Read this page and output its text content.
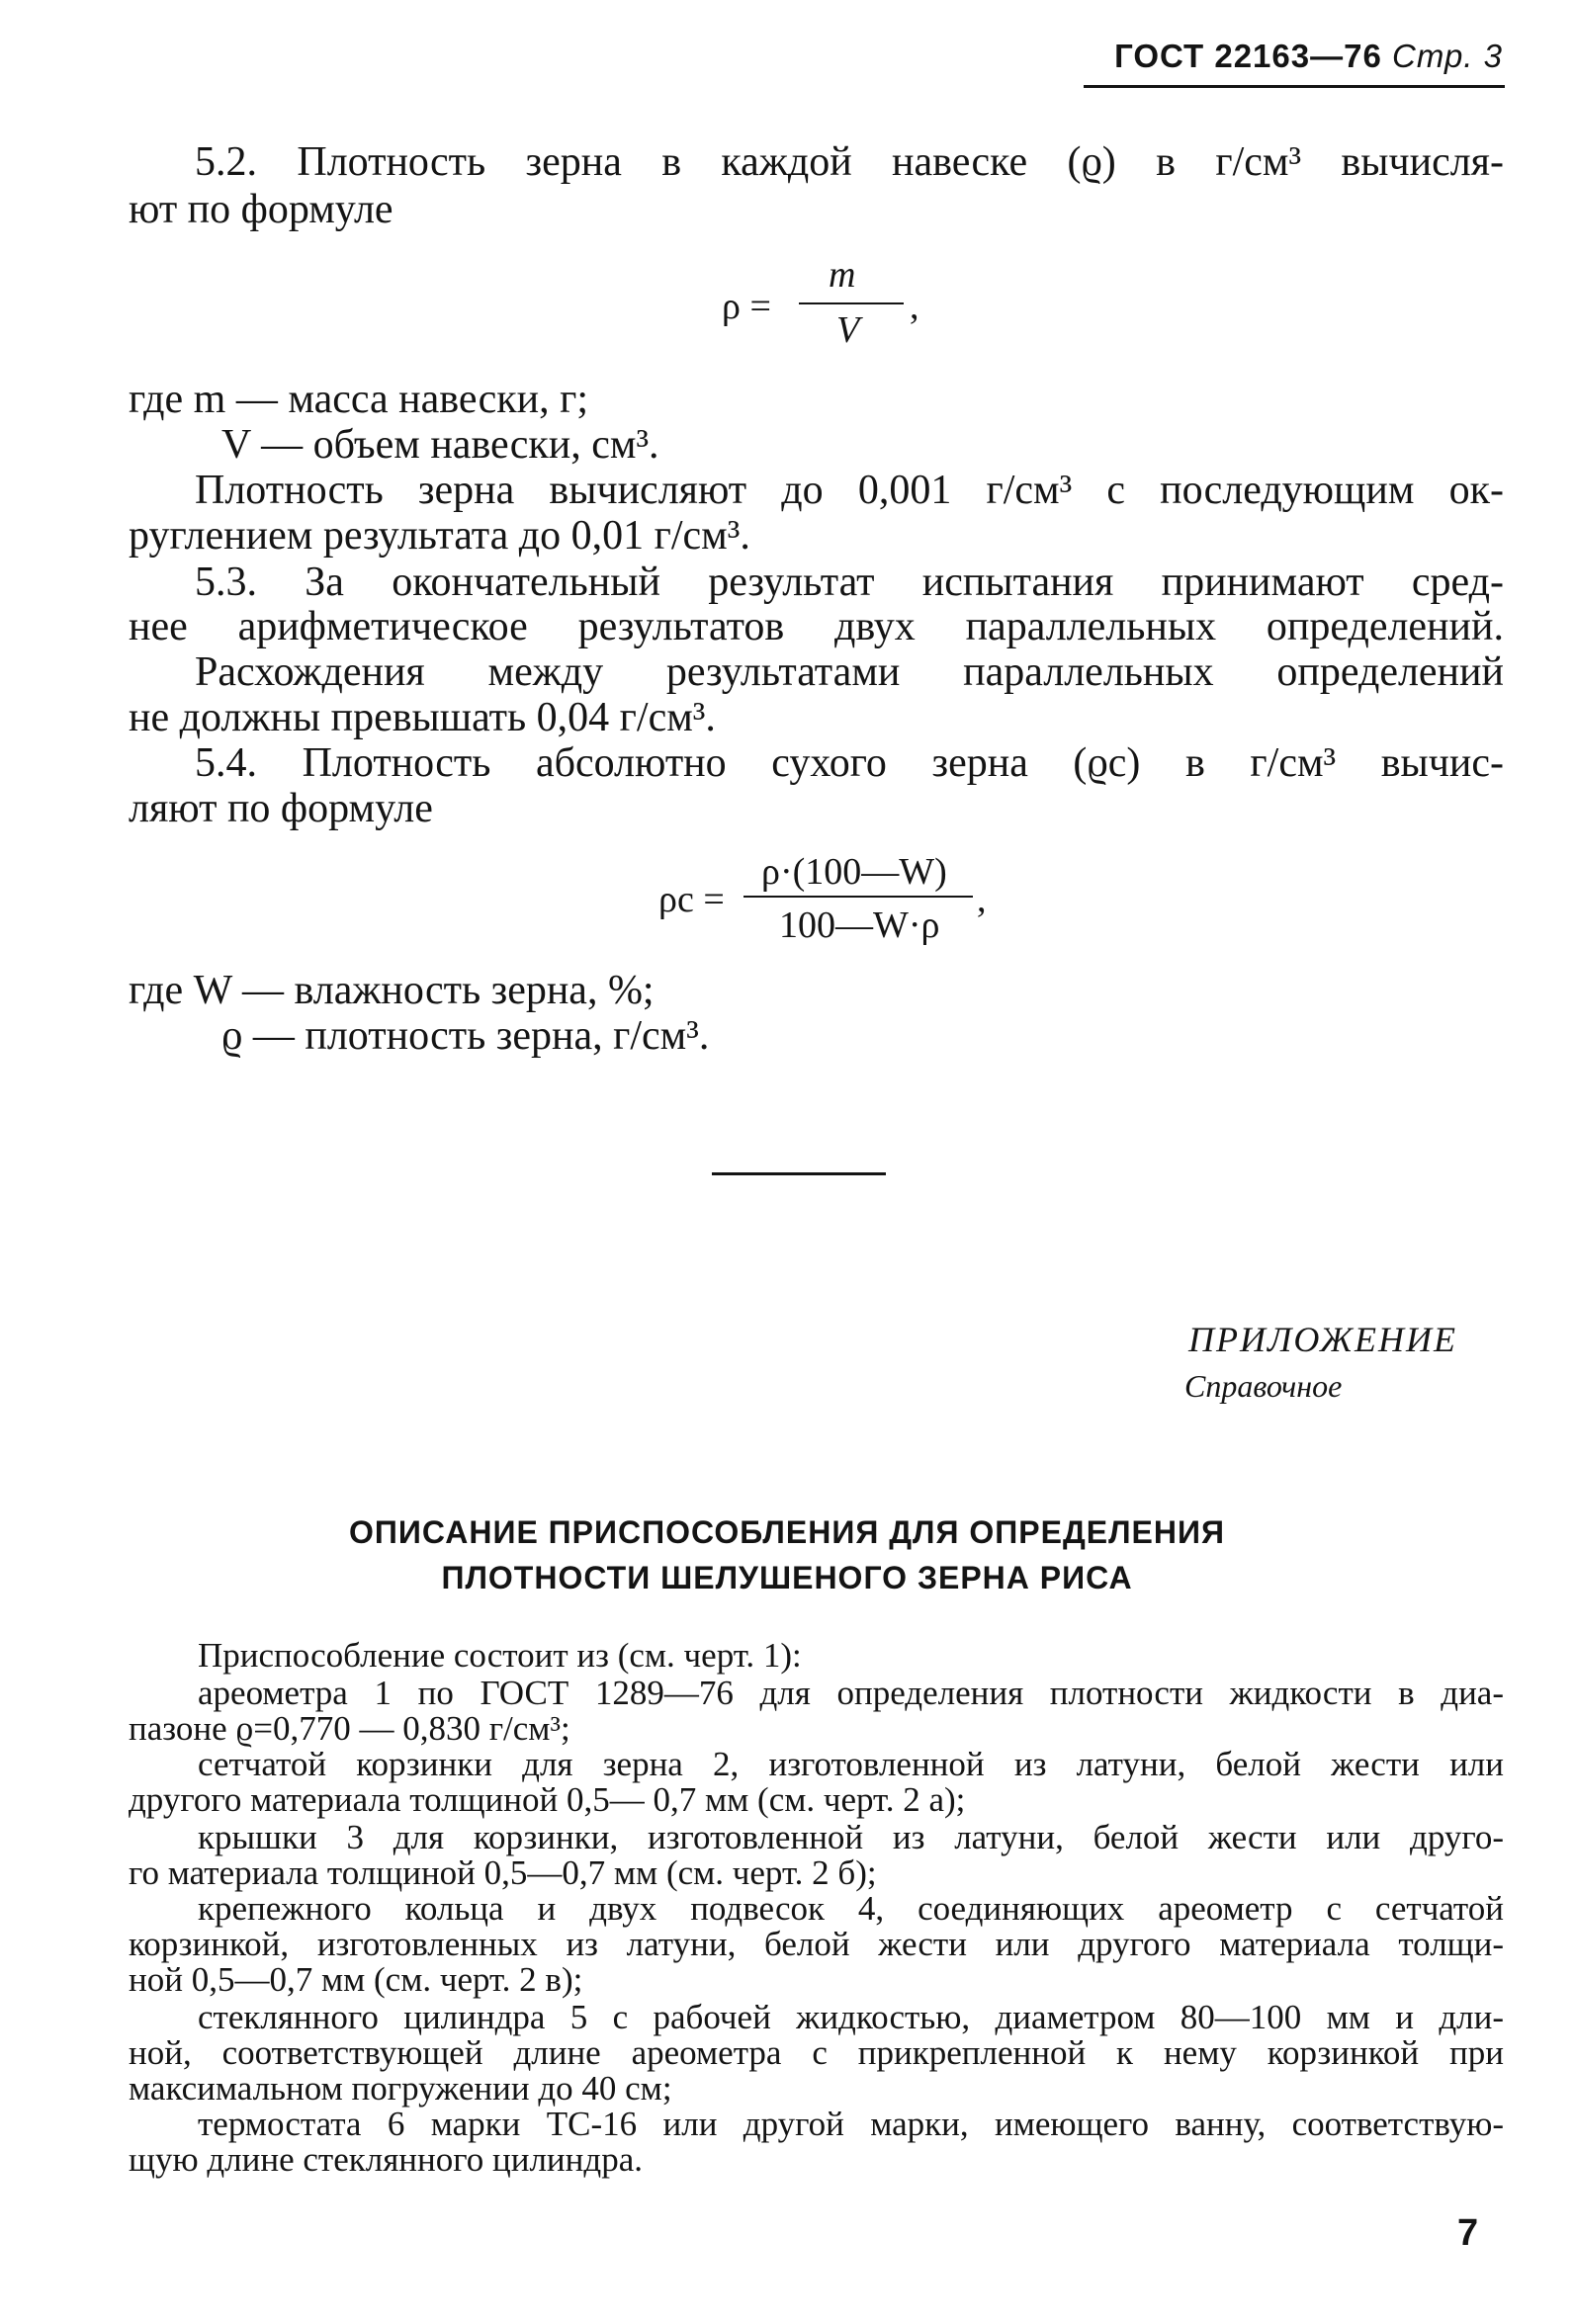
ГОСТ 22163—76 Стр. 3
5.2. Плотность зерна в каждой навеске (ϱ) в г/см³ вычисля-
ют по формуле
ρ =
m
V
,
где m — масса навески, г;
V — объем навески, см³.
Плотность зерна вычисляют до 0,001 г/см³ с последующим ок-
руглением результата до 0,01 г/см³.
5.3. За окончательный результат испытания принимают сред-
нее арифметическое результатов двух параллельных определений.
Расхождения между результатами параллельных определений
не должны превышать 0,04 г/см³.
5.4. Плотность абсолютно сухого зерна (ϱc) в г/см³ вычис-
ляют по формуле
ρc =
ρ·(100—W)
100—W·ρ
,
где W — влажность зерна, %;
ϱ — плотность зерна, г/см³.
ПРИЛОЖЕНИЕ
Справочное
ОПИСАНИЕ ПРИСПОСОБЛЕНИЯ ДЛЯ ОПРЕДЕЛЕНИЯ
ПЛОТНОСТИ ШЕЛУШЕНОГО ЗЕРНА РИСА
Приспособление состоит из (см. черт. 1):
ареометра 1 по ГОСТ 1289—76 для определения плотности жидкости в диа-
пазоне ϱ=0,770 — 0,830 г/см³;
сетчатой корзинки для зерна 2, изготовленной из латуни, белой жести или
другого материала толщиной 0,5— 0,7 мм (см. черт. 2 а);
крышки 3 для корзинки, изготовленной из латуни, белой жести или друго-
го материала толщиной 0,5—0,7 мм (см. черт. 2 б);
крепежного кольца и двух подвесок 4, соединяющих ареометр с сетчатой
корзинкой, изготовленных из латуни, белой жести или другого материала толщи-
ной 0,5—0,7 мм (см. черт. 2 в);
стеклянного цилиндра 5 с рабочей жидкостью, диаметром 80—100 мм и дли-
ной, соответствующей длине ареометра с прикрепленной к нему корзинкой при
максимальном погружении до 40 см;
термостата 6 марки ТС-16 или другой марки, имеющего ванну, соответствую-
щую длине стеклянного цилиндра.
7
